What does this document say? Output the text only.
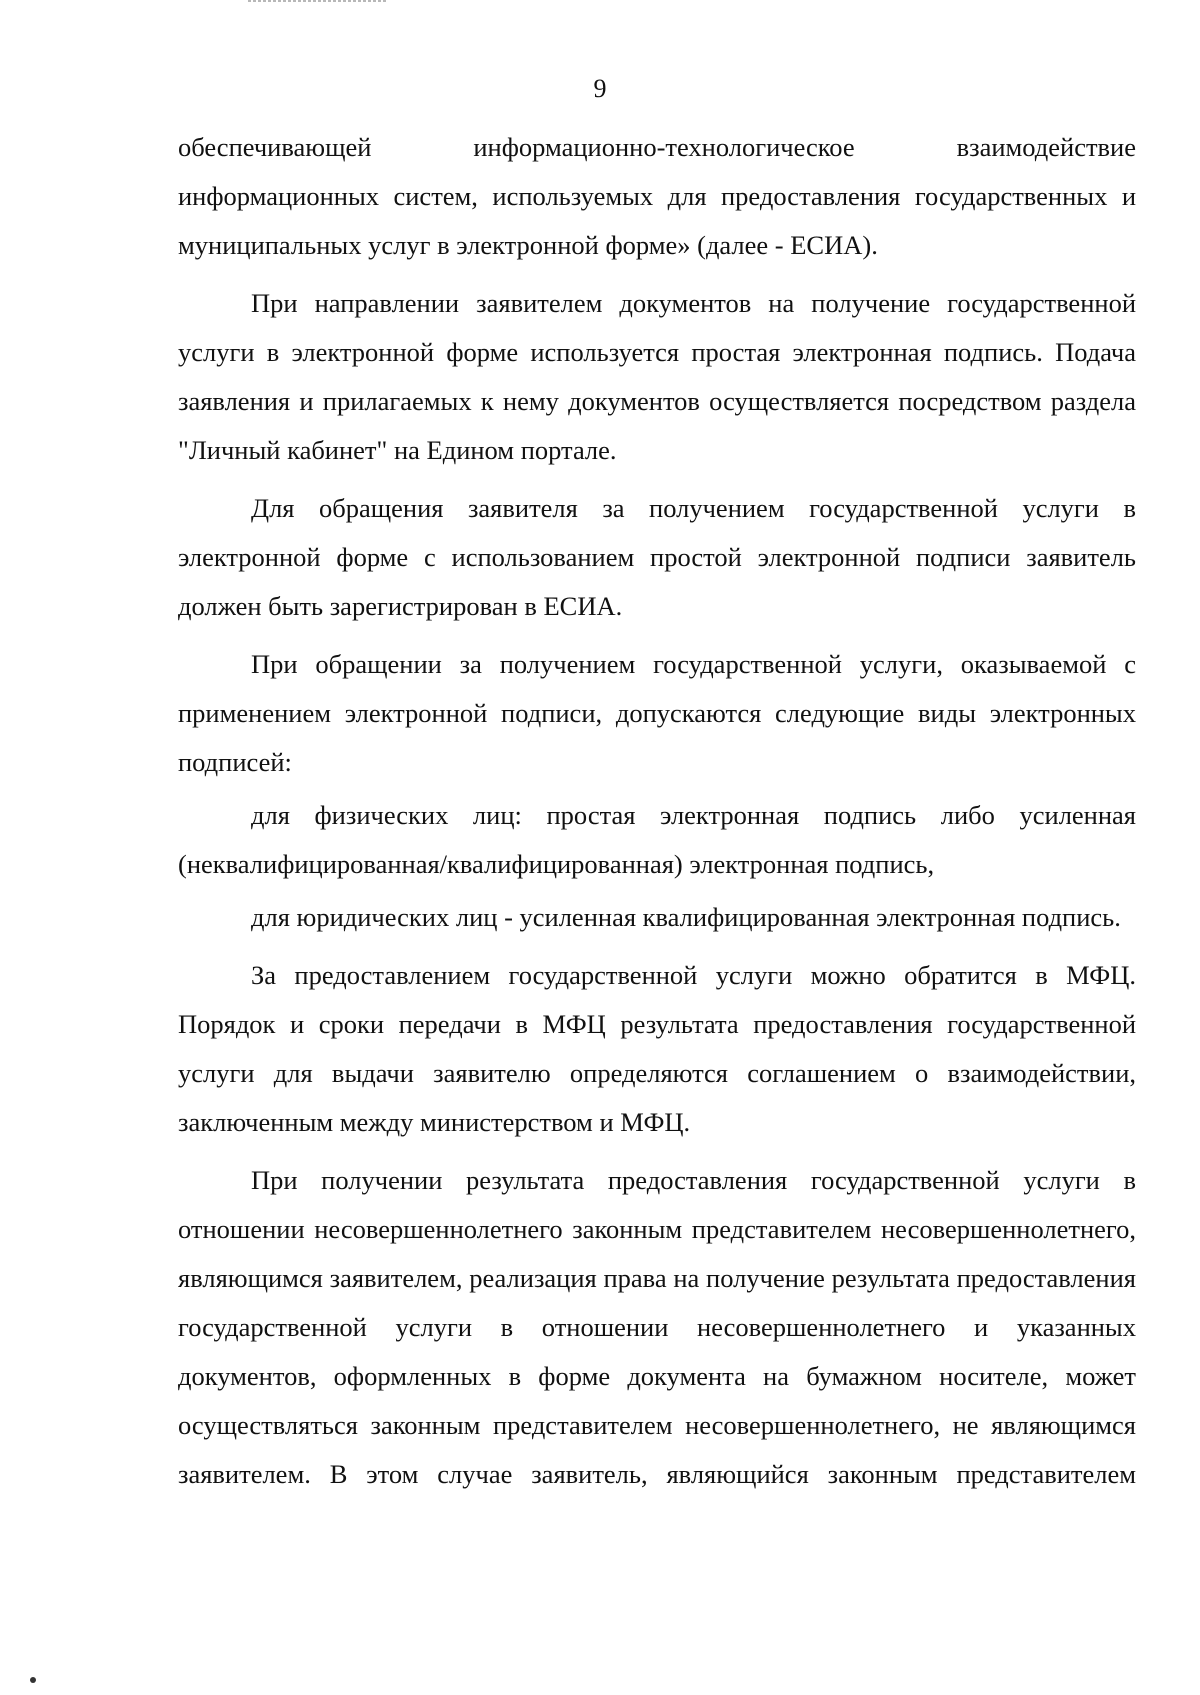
9

обеспечивающей информационно-технологическое взаимодействие информационных систем, используемых для предоставления государственных и муниципальных услуг в электронной форме» (далее - ЕСИА).

При направлении заявителем документов на получение государственной услуги в электронной форме используется простая электронная подпись. Подача заявления и прилагаемых к нему документов осуществляется посредством раздела "Личный кабинет" на Едином портале.

Для обращения заявителя за получением государственной услуги в электронной форме с использованием простой электронной подписи заявитель должен быть зарегистрирован в ЕСИА.

При обращении за получением государственной услуги, оказываемой с применением электронной подписи, допускаются следующие виды электронных подписей:

для физических лиц: простая электронная подпись либо усиленная (неквалифицированная/квалифицированная) электронная подпись,

для юридических лиц - усиленная квалифицированная электронная подпись.

За предоставлением государственной услуги можно обратится в МФЦ. Порядок и сроки передачи в МФЦ результата предоставления государственной услуги для выдачи заявителю определяются соглашением о взаимодействии, заключенным между министерством и МФЦ.

При получении результата предоставления государственной услуги в отношении несовершеннолетнего законным представителем несовершеннолетнего, являющимся заявителем, реализация права на получение результата предоставления государственной услуги в отношении несовершеннолетнего и указанных документов, оформленных в форме документа на бумажном носителе, может осуществляться законным представителем несовершеннолетнего, не являющимся заявителем. В этом случае заявитель, являющийся законным представителем
